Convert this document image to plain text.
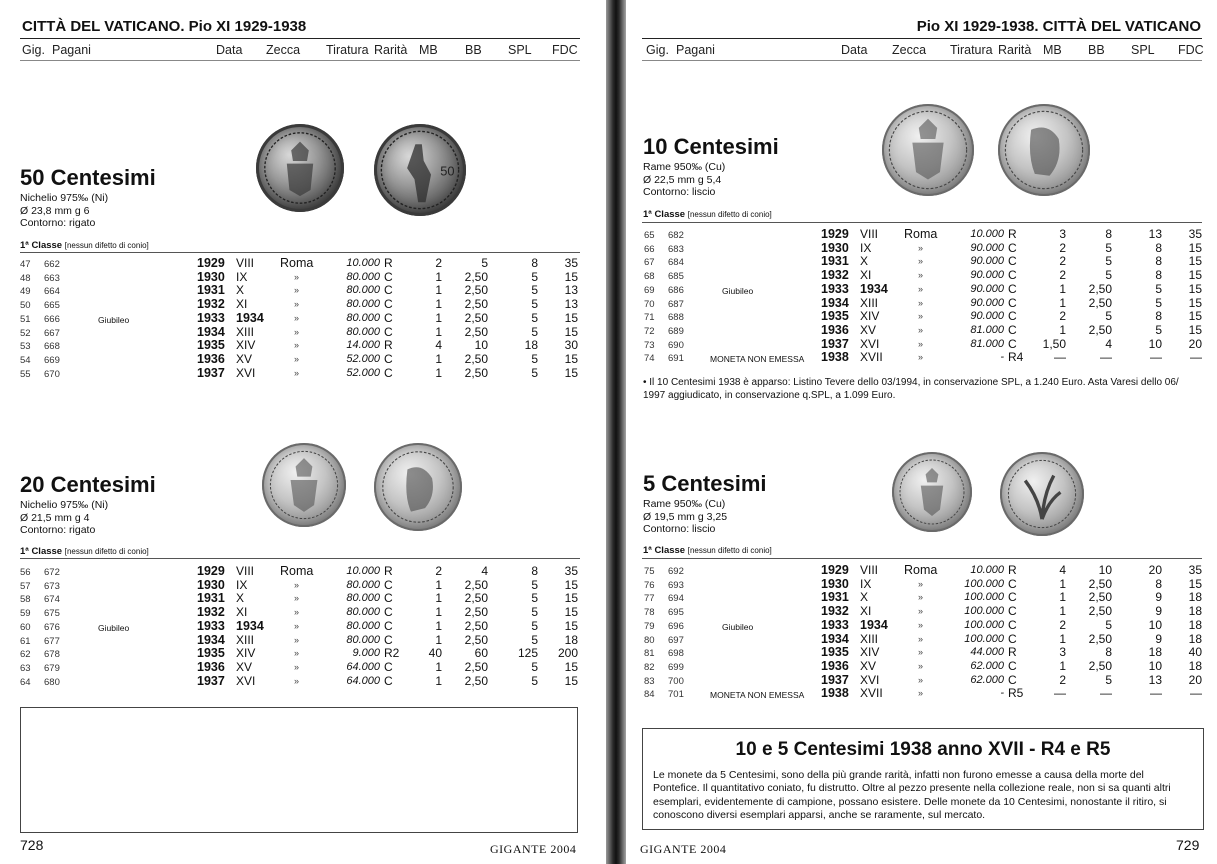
CITTÀ DEL VATICANO. Pio XI 1929-1938
Gig. Pagani	Data Zecca Tiratura Rarità MB BB SPL FDC
50
50 Centesimi
Nichelio 975‰ (Ni)
Ø 23,8 mm g 6
Contorno: rigato
1ª Classe [nessun difetto di conio]
47 662	1929 VIII Roma	10.000 R	2	5	8	35
48 663	1930 IX	»	80.000 C	1	2,50	5	15
49 664	1931 X	»	80.000 C	1	2,50	5	13
50 665	1932 XI	»	80.000 C	1	2,50	5	13
51 666	Giubileo	1933 1934	»	80.000 C	1	2,50	5	15
52 667	1934 XIII	»	80.000 C	1	2,50	5	15
53 668	1935 XIV	»	14.000 R	4	10	18	30
54 669	1936 XV	»	52.000 C	1	2,50	5	15
55 670	1937 XVI	»	52.000 C	1	2,50	5	15
20 Centesimi
Nichelio 975‰ (Ni)
Ø 21,5 mm g 4
Contorno: rigato
1ª Classe [nessun difetto di conio]
56 672	1929 VIII Roma	10.000 R	2	4	8	35
57 673	1930 IX	»	80.000 C	1	2,50	5	15
58 674	1931 X	»	80.000 C	1	2,50	5	15
59 675	1932 XI	»	80.000 C	1	2,50	5	15
60 676	Giubileo	1933 1934	»	80.000 C	1	2,50	5	15
61 677	1934 XIII	»	80.000 C	1	2,50	5	18
62 678	1935 XIV	»	9.000 R2	40	60	125	200
63 679	1936 XV	»	64.000 C	1	2,50	5	15
64 680	1937 XVI	»	64.000 C	1	2,50	5	15
728	GIGANTE 2004
Pio XI 1929-1938. CITTÀ DEL VATICANO
Gig. Pagani	Data Zecca Tiratura Rarità MB BB SPL FDC
10 Centesimi
Rame 950‰ (Cu)
Ø 22,5 mm g 5,4
Contorno: liscio
1ª Classe [nessun difetto di conio]
65 682	1929 VIII Roma	10.000 R	3	8	13	35
66 683	1930 IX	»	90.000 C	2	5	8	15
67 684	1931 X	»	90.000 C	2	5	8	15
68 685	1932 XI	»	90.000 C	2	5	8	15
69 686	Giubileo	1933 1934	»	90.000 C	1	2,50	5	15
70 687	1934 XIII	»	90.000 C	1	2,50	5	15
71 688	1935 XIV	»	90.000 C	2	5	8	15
72 689	1936 XV	»	81.000 C	1	2,50	5	15
73 690	1937 XVI	»	81.000 C	1,50	4	10	20
74 691	MONETA NON EMESSA 1938 XVII	»	- R4	—	—	—	—
• Il 10 Centesimi 1938 è apparso: Listino Tevere dello 03/1994, in conservazione SPL, a 1.240 Euro. Asta Varesi dello 06/ 1997 aggiudicato, in conservazione q.SPL, a 1.099 Euro.
5 Centesimi
Rame 950‰ (Cu)
Ø 19,5 mm g 3,25
Contorno: liscio
1ª Classe [nessun difetto di conio]
75 692	1929 VIII Roma	10.000 R	4	10	20	35
76 693	1930 IX	»	100.000 C	1	2,50	8	15
77 694	1931 X	»	100.000 C	1	2,50	9	18
78 695	1932 XI	»	100.000 C	1	2,50	9	18
79 696	Giubileo	1933 1934	»	100.000 C	2	5	10	18
80 697	1934 XIII	»	100.000 C	1	2,50	9	18
81 698	1935 XIV	»	44.000 R	3	8	18	40
82 699	1936 XV	»	62.000 C	1	2,50	10	18
83 700	1937 XVI	»	62.000 C	2	5	13	20
84 701	MONETA NON EMESSA 1938 XVII	»	- R5	—	—	—	—
10 e 5 Centesimi 1938 anno XVII - R4 e R5
Le monete da 5 Centesimi, sono della più grande rarità, infatti non furono emesse a causa della morte del Pontefice. Il quantitativo coniato, fu distrutto. Oltre al pezzo presente nella collezione reale, non si sa quanti altri esemplari, evidentemente di campione, possano esistere. Delle monete da 10 Centesimi, nonostante il ritiro, si conoscono diversi esemplari apparsi, anche se raramente, sul mercato.
GIGANTE 2004	729
